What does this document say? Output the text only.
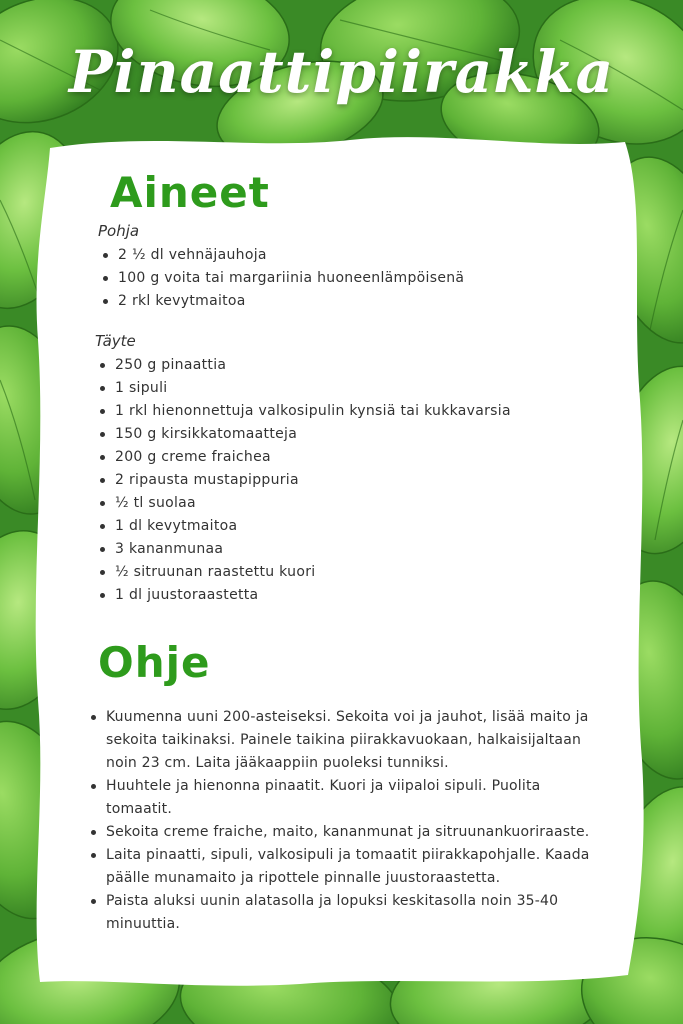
Pinaattipiirakka
Aineet
Pohja
2 ½ dl vehnäjauhoja
100 g voita tai margariinia huoneenlämpöisenä
2 rkl kevytmaitoa
Täyte
250 g pinaattia
1 sipuli
1 rkl hienonnettuja valkosipulin kynsiä tai kukkavarsia
150 g kirsikkatomaatteja
200 g creme fraichea
2 ripausta mustapippuria
½ tl suolaa
1 dl kevytmaitoa
3 kananmunaa
½ sitruunan raastettu kuori
1 dl juustoraastetta
Ohje
Kuumenna uuni 200-asteiseksi. Sekoita voi ja jauhot, lisää maito ja sekoita taikinaksi. Painele taikina piirakkavuokaan, halkaisijaltaan noin 23 cm. Laita jääkaappiin puoleksi tunniksi.
Huuhtele ja hienonna pinaatit. Kuori ja viipaloi sipuli. Puolita tomaatit.
Sekoita creme fraiche, maito, kananmunat ja sitruunankuoriraaste.
Laita pinaatti, sipuli, valkosipuli ja tomaatit piirakkapohjalle. Kaada päälle munamaito ja ripottele pinnalle juustoraastetta.
Paista aluksi uunin alatasolla ja lopuksi keskitasolla noin 35-40 minuuttia.
